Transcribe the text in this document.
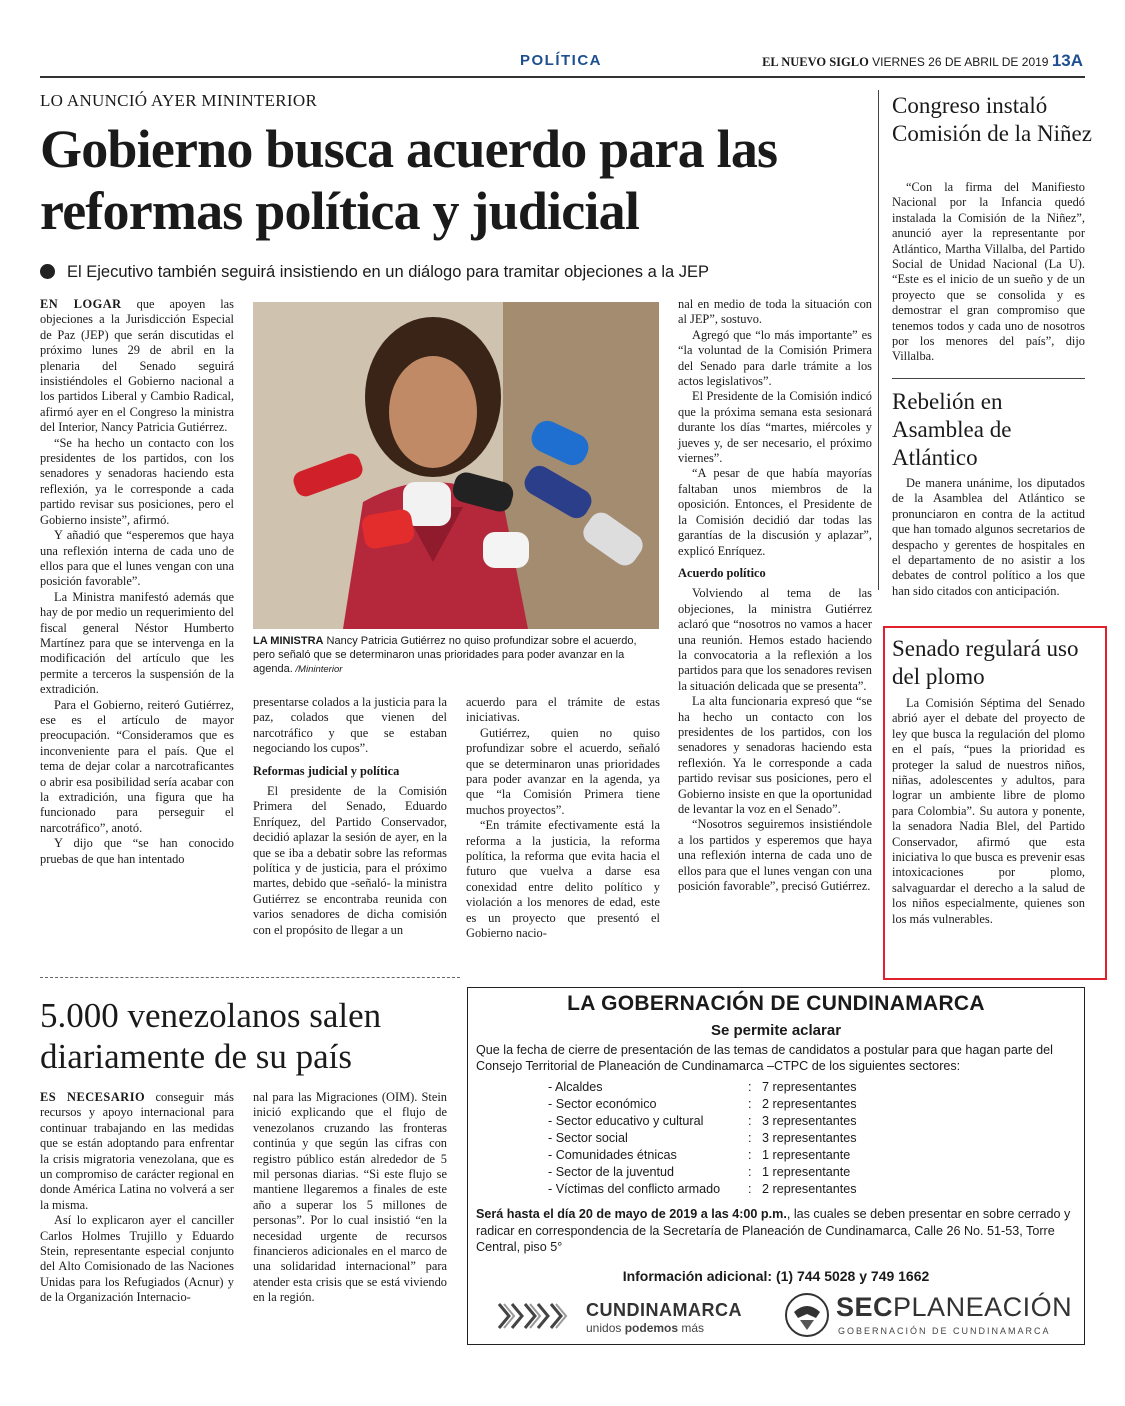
POLÍTICA	EL NUEVO SIGLO VIERNES 26 DE ABRIL DE 2019 13A
LO ANUNCIÓ AYER MININTERIOR
Gobierno busca acuerdo para las reformas política y judicial
El Ejecutivo también seguirá insistiendo en un diálogo para tramitar objeciones a la JEP

EN LOGAR que apoyen las objeciones a la Jurisdicción Especial de Paz (JEP) que serán discutidas el próximo lunes 29 de abril en la plenaria del Senado seguirá insistiéndoles el Gobierno nacional a los partidos Liberal y Cambio Radical, afirmó ayer en el Congreso la ministra del Interior, Nancy Patricia Gutiérrez.

“Se ha hecho un contacto con los presidentes de los partidos, con los senadores y senadoras haciendo esta reflexión, ya le corresponde a cada partido revisar sus posiciones, pero el Gobierno insiste”, afirmó.

Y añadió que “esperemos que haya una reflexión interna de cada uno de ellos para que el lunes vengan con una posición favorable”.

La Ministra manifestó además que hay de por medio un requerimiento del fiscal general Néstor Humberto Martínez para que se intervenga en la modificación del artículo que les permite a terceros la suspensión de la extradición.

Para el Gobierno, reiteró Gutiérrez, ese es el artículo de mayor preocupación. “Consideramos que es inconveniente para el país. Que el tema de dejar colar a narcotraficantes o abrir esa posibilidad sería acabar con la extradición, una figura que ha funcionado para perseguir el narcotráfico”, anotó.

Y dijo que “se han conocido pruebas de que han intentado

LA MINISTRA Nancy Patricia Gutiérrez no quiso profundizar sobre el acuerdo, pero señaló que se determinaron unas prioridades para poder avanzar en la agenda. /Mininterior

presentarse colados a la justicia para la paz, colados que vienen del narcotráfico y que se estaban negociando los cupos”.

Reformas judicial y política

El presidente de la Comisión Primera del Senado, Eduardo Enríquez, del Partido Conservador, decidió aplazar la sesión de ayer, en la que se iba a debatir sobre las reformas política y de justicia, para el próximo martes, debido que -señaló- la ministra Gutiérrez se encontraba reunida con varios senadores de dicha comisión con el propósito de llegar a un

acuerdo para el trámite de estas iniciativas.

Gutiérrez, quien no quiso profundizar sobre el acuerdo, señaló que se determinaron unas prioridades para poder avanzar en la agenda, ya que “la Comisión Primera tiene muchos proyectos”.

“En trámite efectivamente está la reforma a la justicia, la reforma política, la reforma que evita hacia el futuro que vuelva a darse esa conexidad entre delito político y violación a los menores de edad, este es un proyecto que presentó el Gobierno nacio-

nal en medio de toda la situación con al JEP”, sostuvo.

Agregó que “lo más importante” es “la voluntad de la Comisión Primera del Senado para darle trámite a los actos legislativos”.

El Presidente de la Comisión indicó que la próxima semana esta sesionará durante los días “martes, miércoles y jueves y, de ser necesario, el próximo viernes”.

“A pesar de que había mayorías faltaban unos miembros de la oposición. Entonces, el Presidente de la Comisión decidió dar todas las garantías de la discusión y aplazar”, explicó Enríquez.

Acuerdo político

Volviendo al tema de las objeciones, la ministra Gutiérrez aclaró que “nosotros no vamos a hacer una reunión. Hemos estado haciendo la convocatoria a la reflexión a los partidos para que los senadores revisen la situación delicada que se presenta”.

La alta funcionaria expresó que “se ha hecho un contacto con los presidentes de los partidos, con los senadores y senadoras haciendo esta reflexión. Ya le corresponde a cada partido revisar sus posiciones, pero el Gobierno insiste en que la oportunidad de levantar la voz en el Senado”.

“Nosotros seguiremos insistiéndole a los partidos y esperemos que haya una reflexión interna de cada uno de ellos para que el lunes vengan con una posición favorable”, precisó Gutiérrez.

Congreso instaló Comisión de la Niñez

“Con la firma del Manifiesto Nacional por la Infancia quedó instalada la Comisión de la Niñez”, anunció ayer la representante por Atlántico, Martha Villalba, del Partido Social de Unidad Nacional (La U). “Este es el inicio de un sueño y de un proyecto que se consolida y es demostrar el gran compromiso que tenemos todos y cada uno de nosotros por los menores del país”, dijo Villalba.

Rebelión en Asamblea de Atlántico

De manera unánime, los diputados de la Asamblea del Atlántico se pronunciaron en contra de la actitud que han tomado algunos secretarios de despacho y gerentes de hospitales en el departamento de no asistir a los debates de control político a los que han sido citados con anticipación.

Senado regulará uso del plomo

La Comisión Séptima del Senado abrió ayer el debate del proyecto de ley que busca la regulación del plomo en el país, “pues la prioridad es proteger la salud de nuestros niños, niñas, adolescentes y adultos, para lograr un ambiente libre de plomo para Colombia”. Su autora y ponente, la senadora Nadia Blel, del Partido Conservador, afirmó que esta iniciativa lo que busca es prevenir esas intoxicaciones por plomo, salvaguardar el derecho a la salud de los niños especialmente, quienes son los más vulnerables.

5.000 venezolanos salen diariamente de su país

ES NECESARIO conseguir más recursos y apoyo internacional para continuar trabajando en las medidas que se están adoptando para enfrentar la crisis migratoria venezolana, que es un compromiso de carácter regional en donde América Latina no volverá a ser la misma.

Así lo explicaron ayer el canciller Carlos Holmes Trujillo y Eduardo Stein, representante especial conjunto del Alto Comisionado de las Naciones Unidas para los Refugiados (Acnur) y de la Organización Internacio-

nal para las Migraciones (OIM). Stein inició explicando que el flujo de venezolanos cruzando las fronteras continúa y que según las cifras con registro público están alrededor de 5 mil personas diarias. “Si este flujo se mantiene llegaremos a finales de este año a superar los 5 millones de personas”. Por lo cual insistió “en la necesidad urgente de recursos financieros adicionales en el marco de una solidaridad internacional” para atender esta crisis que se está viviendo en la región.

LA GOBERNACIÓN DE CUNDINAMARCA
Se permite aclarar
Que la fecha de cierre de presentación de las temas de candidatos a postular para que hagan parte del Consejo Territorial de Planeación de Cundinamarca –CTPC de los siguientes sectores:
- Alcaldes	: 7 representantes
- Sector económico	: 2 representantes
- Sector educativo y cultural	: 3 representantes
- Sector social	: 3 representantes
- Comunidades étnicas	: 1 representante
- Sector de la juventud	: 1 representante
- Víctimas del conflicto armado	: 2 representantes
Será hasta el día 20 de mayo de 2019 a las 4:00 p.m., las cuales se deben presentar en sobre cerrado y radicar en correspondencia de la Secretaría de Planeación de Cundinamarca, Calle 26 No. 51-53, Torre Central, piso 5°
Información adicional: (1) 744 5028 y 749 1662
CUNDINAMARCA
unidos podemos más
SECPLANEACIÓN
GOBERNACIÓN DE CUNDINAMARCA
